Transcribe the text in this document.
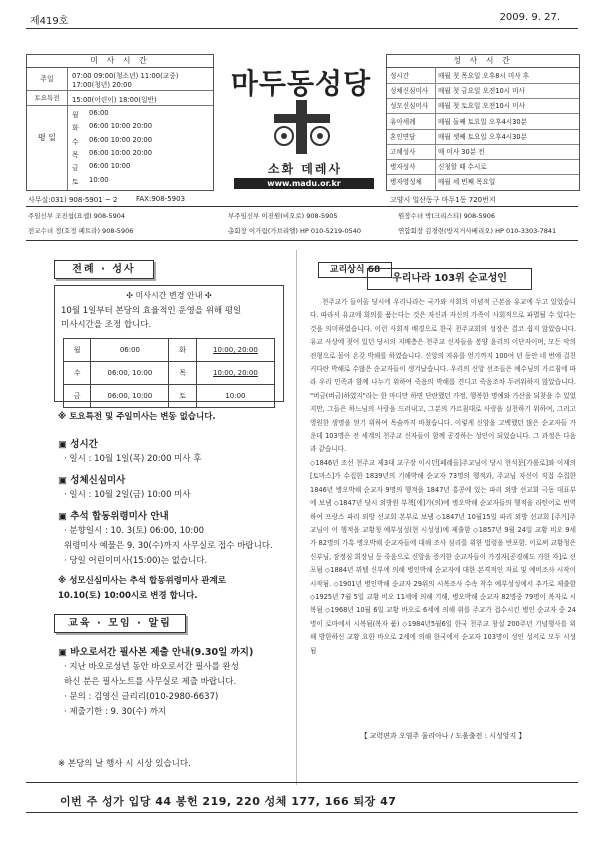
제419호	2009. 9. 27.
미 사 시 간
주일	07:00 09:00(청소년) 11:00(교중)
17:00(청년) 20:00
토요특전	15:00(어린이) 18:00(일반)
평 일
월 06:00
화 06:00 10:00 20:00
수 06:00 10:00 20:00
목 06:00 10:00 20:00
금 06:00 10:00
토 10:00
마두동성당
소화 데레사
www.madu.or.kr
성 사 시 간
성시간	매월 첫 목요일 오후8시 미사 후
성체신심미사	매월 첫 금요일 오전10시 미사
성모신심미사	매월 첫 토요일 오전10시 미사
유아세례	매월 둘째 토요일 오후4시30분
혼인면담	매월 셋째 토요일 오후4시30분
고해성사	매 미사 30분 전
병자성사	신청할 때 수시로
병자영성체	매월 세 번째 목요일
사무실:031) 908-5901 ~ 2	FAX:908-5903	고양시 일산동구 마두1동 720번지
주임신부 조진섭(요셉) 908-5904	부주임신부 이진원(비오로) 908-5905	원장수녀 박(크리스티) 908-5906
전교수녀 정(호정 페트라) 908-5906	총회장 이가림(가브리엘) HP 010-5219-0540	연합회장 김경련(방지거사베리오) HP 010-3303-7841
전례 · 성사
✣ 미사시간 변경 안내 ✣
10월 1일부터 본당의 효율적인 운영을 위해 평일
미사시간을 조정 합니다.
월	06:00	화	10:00, 20:00
수	06:00, 10:00	목	10:00, 20:00
금	06:00, 10:00	토	10:00
※ 토요특전 및 주일미사는 변동 없습니다.
▣ 성시간
· 일시 : 10월 1일(목) 20:00 미사 후
▣ 성체신심미사
· 일시 : 10월 2일(금) 10:00 미사
▣ 추석 합동위령미사 안내
· 분향일시 : 10. 3(토) 06:00, 10:00
위령미사 예물은 9. 30(수)까지 사무실로 접수 바랍니다.
· 당일 어린이미사(15:00)는 없습니다.
※ 성모신심미사는 추석 합동위령미사 관계로
10.10(토) 10:00시로 변경 합니다.
교육 · 모임 · 알림
▣ 바오로서간 필사본 제출 안내(9.30일 까지)
· 지난 바오로성년 동안 바오로서간 필사를 완성
하신 분은 필사노트를 사무실로 제출 바랍니다.
· 문의 : 김영신 글리리(010-2980-6637)
· 제출기한 : 9. 30(수) 까지
※ 본당의 날 행사 시 시상 있습니다.
교리상식 68
우리나라 103위 순교성인

천주교가 들어올 당시에 우리나라는 국가와 사회의 이념적 근본을 유교에 두고 있었습니다. 따라서 유교에 회의를 품는다는 것은 자신과 자신의 가족이 사회적으로 파멸될 수 있다는 것을 의미하였습니다. 이런 사회적 배경으로 한국 천주교회의 성장은 결코 쉽지 않았습니다. 유교 사상에 젖어 있던 당시의 지배층은 천주교 신자들을 봉양 윤리의 이단자이며, 모든 악의 전형으로 몰아 온갖 박해를 하였습니다. 신앙의 자유를 얻기까지 100여 년 동안 네 번에 걸친 커다란 박해로 수많은 순교자들이 생겨났습니다. 우리의 신앙 선조들은 예수님의 가르침에 따라 우리 민족과 함께 나누기 위하여 죽음의 박해를 견디고 죽음조차 두려워하지 않았습니다. "버금(버금)하였지"라는 한 마디만 하면 단란했던 가정, 행복한 명예와 가산을 되찾을 수 있었지만, 그들은 하느님의 사랑을 드러내고, 그분의 가르침대로 사랑을 실천하기 위하여, 그리고 영원한 생명을 얻기 위하여 목숨까지 바쳤습니다. 이렇게 신앙을 고백했던 많은 순교자들 가운데 103명은 전 세계의 천주교 신자들이 함께 공경하는 성인이 되었습니다. 그 과정은 다음과 같습니다.

◇1846년 조선 천주교 제3대 교구장 이시던[페레올]주교님이 당시 현석문[가롤로]와 이재의[토마스]가 수집한 1839년의 기해박해 순교자 73명의 행적과, 주교님 자신이 직접 수집한 1846년 병오박해 순교자 9명의 행적을 1847년 홍콩에 있는 파리 외방 선교회 극동 대표부에 보냄 ◇1847년 당시 외방원 부책[에]가(의)에 병오박해 순교자들의 행적을 라틴어로 번역하여 프랑스 파리 외방 선교회 본부로 보냄 ◇1847년 10월15일 파리 외방 선교회 [주거]주교님이 이 행적을 교황청 예부성성(현 시성성)에 제출함 ◇1857년 9월 24일 교황 비오 9세가 82명의 가혹 병오박해 순교자들에 대해 조사 심리를 위한 법령을 반포함. 이로써 교황청은 신부님, 잠정심 회장님 등 죽음으로 신앙을 증거한 순교자들이 가경자[공경해도 가한 자]로 선포됨 ◇1884년 뮈텔 신부에 의해 병인박해 순교자에 대한 본격적인 자료 및 예비조사 시작이 시작됨. ◇1901년 병인박해 순교자 29위의 시복조사 수속 착수 예부성성에서 추가로 제출함 ◇1925년 7월 5일 교황 비오 11세에 의해 기해, 병오박해 순교자 82명중 79명이 복자로 시복됨 ◇1968년 10월 6일 교황 바오로 6세에 의해 위를 주교가 접수시킨 병인 순교자 중 24명이 로마에서 시복됨(복자 품) ◇1984년5월6일 한국 천주교 창설 200주년 기념행사를 위해 방한하신 교황 요한 바오로 2세에 의해 한국에서 순교자 103명이 성인 성서로 모두 시성됨

【 교력편과 오염주 울리아나 / 도움출전 : 시성앙지 】
이번 주 성가 입당 44 봉헌 219, 220 성체 177, 166 퇴장 47
